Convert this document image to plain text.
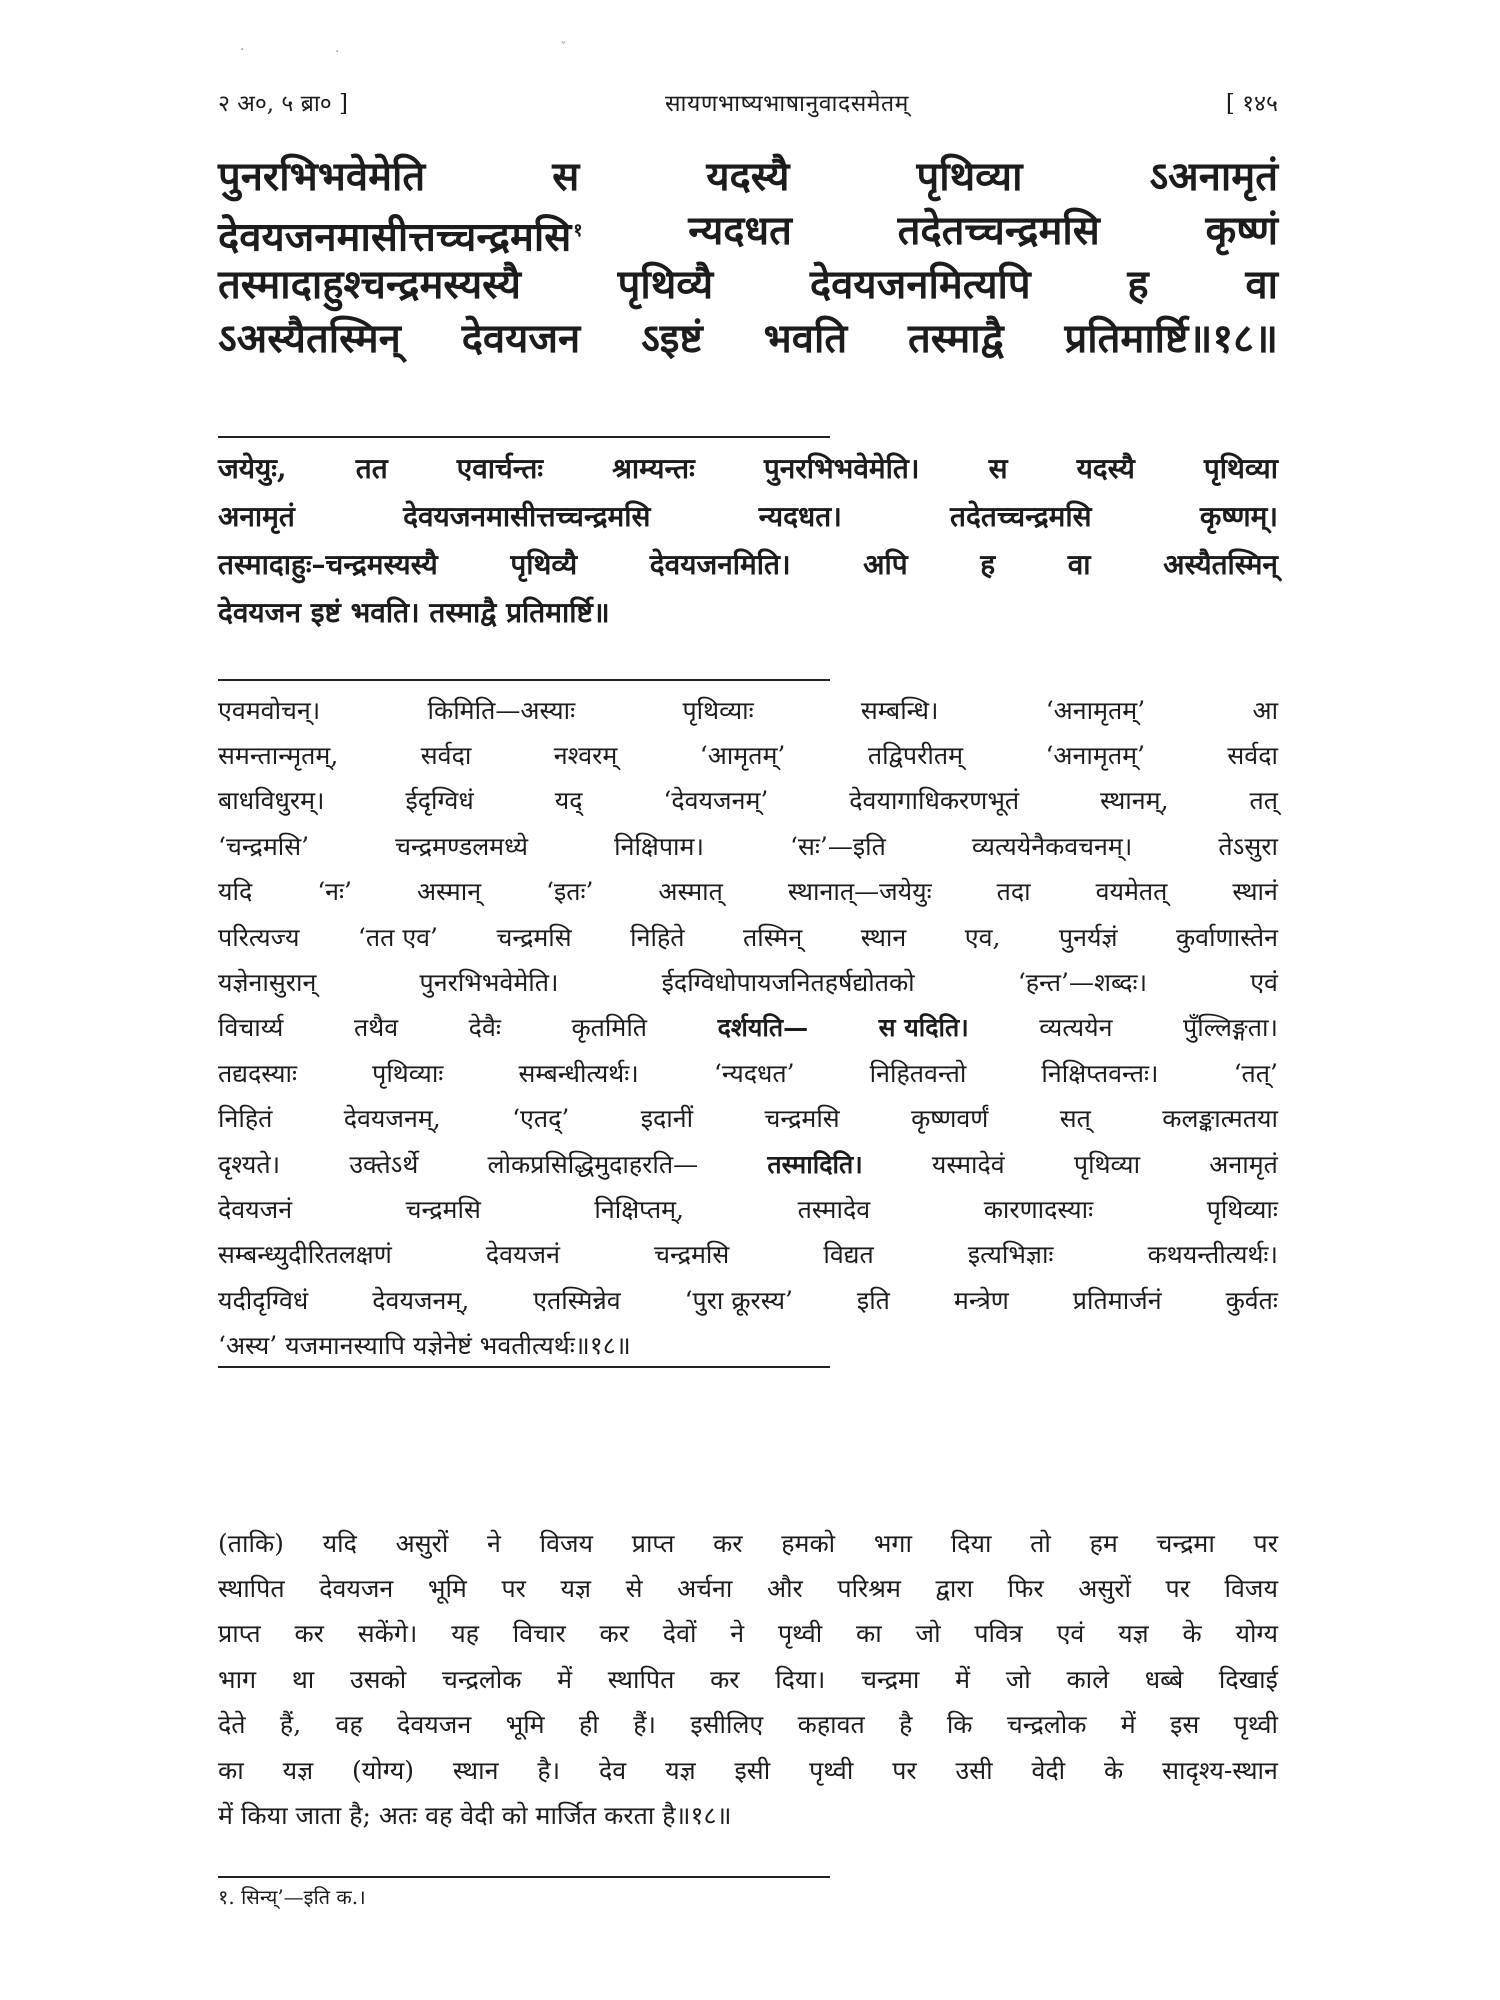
·	·	ˇ
२ अ०, ५ ब्रा० ]	सायणभाष्यभाषानुवादसमेतम्	[ १४५
पुनरभिभवेमेति	स	यदस्यै	पृथिव्या	ऽअनामृतं
देवयजनमासीत्तच्चन्द्रमसि $^१$	न्यदधत	तदेतच्चन्द्रमसि	कृष्णं
तस्मादाहुश्चन्द्रमस्यस्यै पृथिव्यै देवयजनमित्यपि ह वा
ऽअस्यैतस्मिन् देवयजन ऽइष्टं भवति तस्माद्वै प्रतिमार्ष्टि॥१८॥
जयेयुः, तत एवार्चन्तः श्राम्यन्तः पुनरभिभवेमेति। स यदस्यै पृथिव्या
अनामृतं	देवयजनमासीत्तच्चन्द्रमसि	न्यदधत।	तदेतच्चन्द्रमसि	कृष्णम्।
तस्मादाहुः–चन्द्रमस्यस्यै	पृथिव्यै	देवयजनमिति।	अपि	ह	वा	अस्यैतस्मिन्
देवयजन इष्टं भवति। तस्माद्वै प्रतिमार्ष्टि॥
एवमवोचन्।	किमिति—अस्याः	पृथिव्याः	सम्बन्धि।	‘अनामृतम्’	आ
समन्तान्मृतम्,	सर्वदा	नश्वरम्	‘आमृतम्’	तद्विपरीतम्	‘अनामृतम्’	सर्वदा
बाधविधुरम्।	ईदृग्विधं	यद्	‘देवयजनम्’	देवयागाधिकरणभूतं	स्थानम्,	तत्
‘चन्द्रमसि’	चन्द्रमण्डलमध्ये	निक्षिपाम।	‘सः’—इति	व्यत्ययेनैकवचनम्।	तेऽसुरा
यदि	‘नः’	अस्मान्	‘इतः’	अस्मात्	स्थानात्—जयेयुः	तदा	वयमेतत्	स्थानं
परित्यज्य ‘तत एव’ चन्द्रमसि निहिते तस्मिन् स्थान एव, पुनर्यज्ञं कुर्वाणास्तेन
यज्ञेनासुरान्	पुनरभिभवेमेति।	ईदग्विधोपायजनितहर्षद्योतको	‘हन्त’—शब्दः।	एवं
विचार्य्य	तथैव	देवैः	कृतमिति	दर्शयति—	स यदिति।	व्यत्ययेन	पुँल्लिङ्गता।
तद्यदस्याः	पृथिव्याः	सम्बन्धीत्यर्थः।	‘न्यदधत’	निहितवन्तो	निक्षिप्तवन्तः।	‘तत्’
निहितं	देवयजनम्,	‘एतद्’	इदानीं	चन्द्रमसि	कृष्णवर्णं	सत्	कलङ्कात्मतया
दृश्यते।	उक्तेऽर्थे	लोकप्रसिद्धिमुदाहरति—	तस्मादिति।	यस्मादेवं	पृथिव्या	अनामृतं
देवयजनं	चन्द्रमसि	निक्षिप्तम्,	तस्मादेव	कारणादस्याः	पृथिव्याः
सम्बन्ध्युदीरितलक्षणं	देवयजनं	चन्द्रमसि	विद्यत	इत्यभिज्ञाः	कथयन्तीत्यर्थः।
यदीदृग्विधं	देवयजनम्,	एतस्मिन्नेव	‘पुरा क्रूरस्य’	इति	मन्त्रेण	प्रतिमार्जनं	कुर्वतः
‘अस्य’ यजमानस्यापि यज्ञेनेष्टं भवतीत्यर्थः॥१८॥
(ताकि) यदि असुरों ने विजय प्राप्त कर हमको भगा दिया तो हम चन्द्रमा पर
स्थापित देवयजन भूमि पर यज्ञ से अर्चना और परिश्रम द्वारा फिर असुरों पर विजय
प्राप्त कर सकेंगे। यह विचार कर देवों ने पृथ्वी का जो पवित्र एवं यज्ञ के योग्य
भाग था उसको चन्द्रलोक में स्थापित कर दिया। चन्द्रमा में जो काले धब्बे दिखाई
देते हैं, वह देवयजन भूमि ही हैं। इसीलिए कहावत है कि चन्द्रलोक में इस पृथ्वी
का यज्ञ (योग्य) स्थान है। देव यज्ञ इसी पृथ्वी पर उसी वेदी के सादृश्य-स्थान
में किया जाता है; अतः वह वेदी को मार्जित करता है॥१८॥
१. सिन्य्’—इति क.।
